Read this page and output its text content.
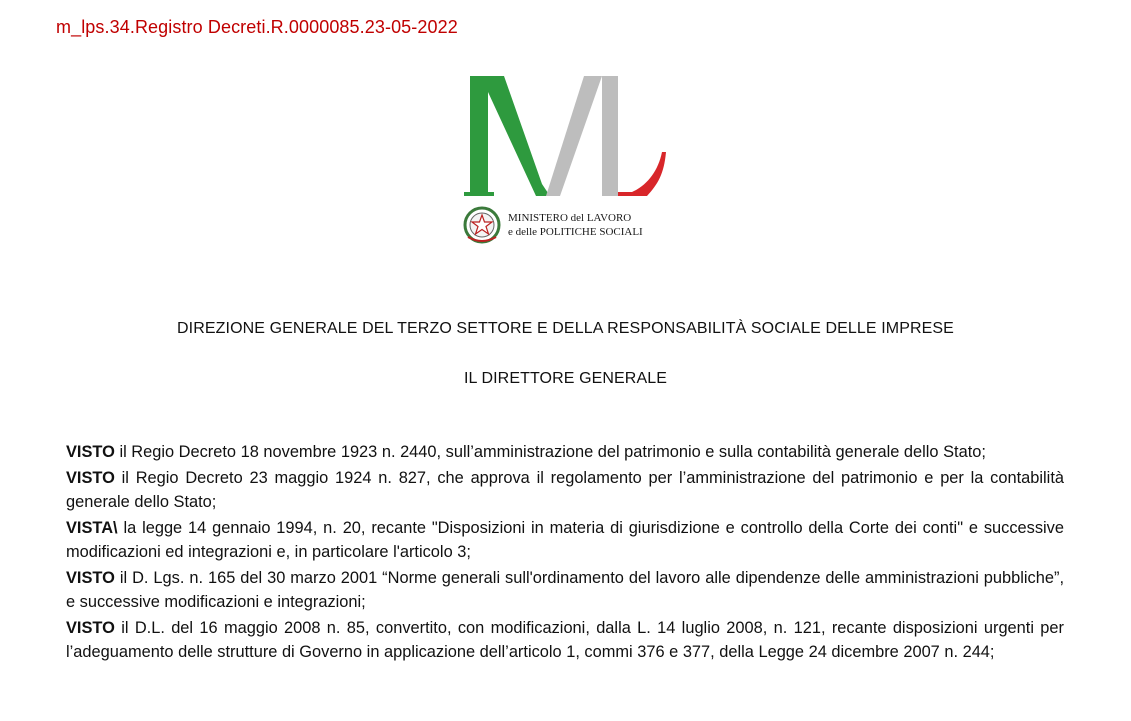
m_lps.34.Registro Decreti.R.0000085.23-05-2022
MINISTERO del LAVORO
e delle POLITICHE SOCIALI
DIREZIONE GENERALE DEL TERZO SETTORE E DELLA RESPONSABILITÀ SOCIALE DELLE IMPRESE
IL DIRETTORE GENERALE

VISTO il Regio Decreto 18 novembre 1923 n. 2440, sull’amministrazione del patrimonio e sulla contabilità generale dello Stato;

VISTO il Regio Decreto 23 maggio 1924 n. 827, che approva il regolamento per l’amministrazione del patrimonio e per la contabilità generale dello Stato;

VISTA\ la legge 14 gennaio 1994, n. 20, recante "Disposizioni in materia di giurisdizione e controllo della Corte dei conti" e successive modificazioni ed integrazioni e, in particolare l'articolo 3;

VISTO il D. Lgs. n. 165 del 30 marzo 2001 “Norme generali sull'ordinamento del lavoro alle dipendenze delle amministrazioni pubbliche”, e successive modificazioni e integrazioni;

VISTO il D.L. del 16 maggio 2008 n. 85, convertito, con modificazioni, dalla L. 14 luglio 2008, n. 121, recante disposizioni urgenti per l’adeguamento delle strutture di Governo in applicazione dell’articolo 1, commi 376 e 377, della Legge 24 dicembre 2007 n. 244;
